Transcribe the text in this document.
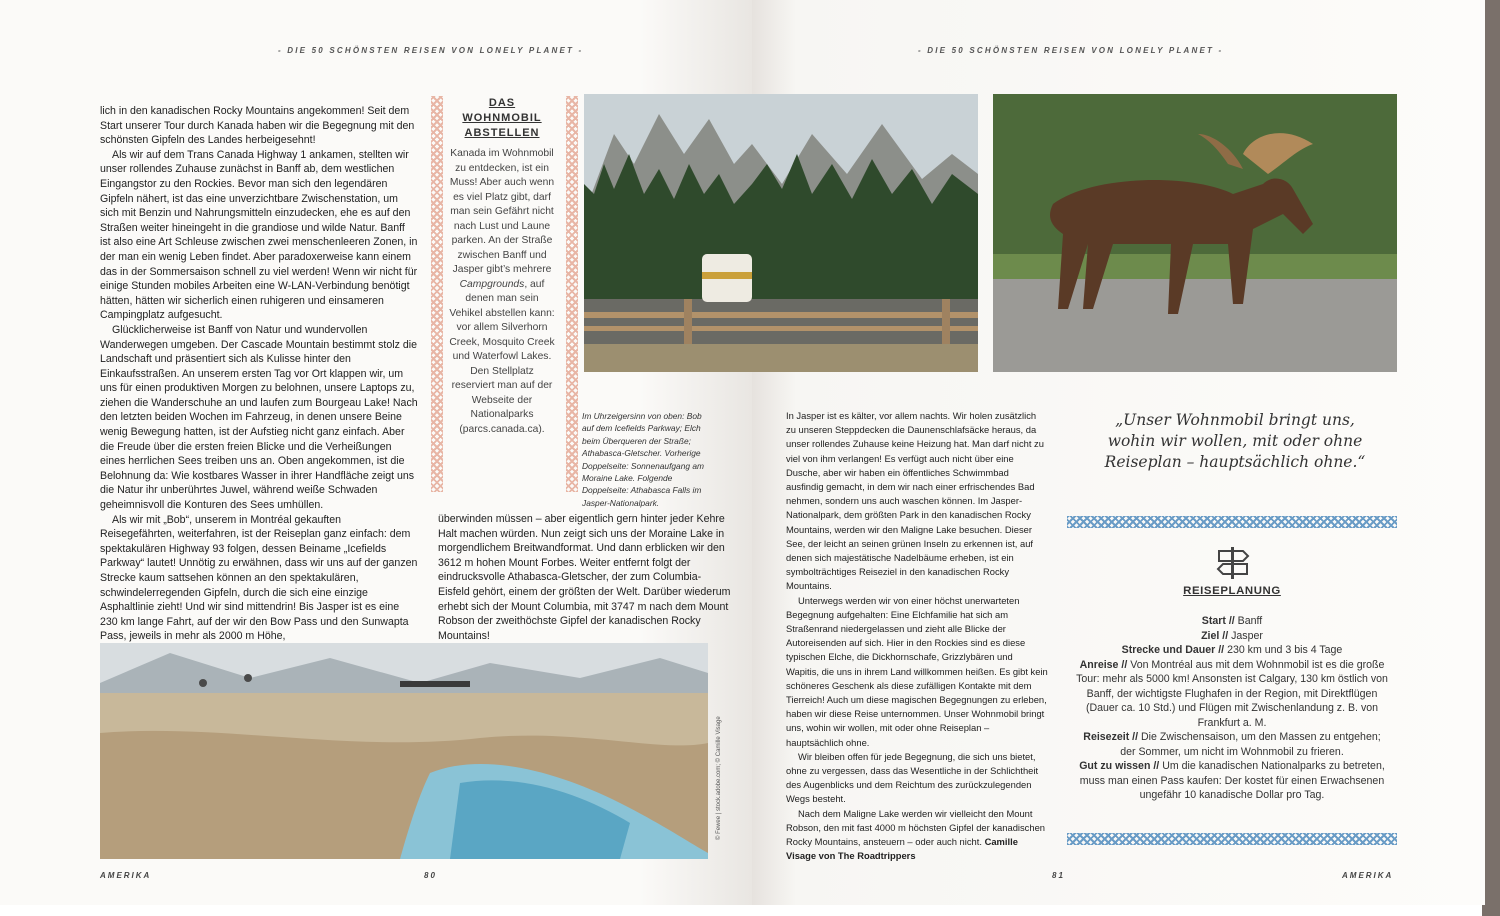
- DIE 50 SCHÖNSTEN REISEN VON LONELY PLANET -

lich in den kanadischen Rocky Mountains angekommen! Seit dem Start unserer Tour durch Kanada haben wir die Begegnung mit den schönsten Gipfeln des Landes herbeigesehnt!

Als wir auf dem Trans Canada Highway 1 ankamen, stellten wir unser rollendes Zuhause zunächst in Banff ab, dem westlichen Eingangstor zu den Rockies. Bevor man sich den legendären Gipfeln nähert, ist das eine unverzichtbare Zwischenstation, um sich mit Benzin und Nahrungsmitteln einzudecken, ehe es auf den Straßen weiter hineingeht in die grandiose und wilde Natur. Banff ist also eine Art Schleuse zwischen zwei menschenleeren Zonen, in der man ein wenig Leben findet. Aber paradoxerweise kann einem das in der Sommersaison schnell zu viel werden! Wenn wir nicht für einige Stunden mobiles Arbeiten eine W-LAN-Verbindung benötigt hätten, hätten wir sicherlich einen ruhigeren und einsameren Campingplatz aufgesucht.

Glücklicherweise ist Banff von Natur und wundervollen Wanderwegen umgeben. Der Cascade Mountain bestimmt stolz die Landschaft und präsentiert sich als Kulisse hinter den Einkaufsstraßen. An unserem ersten Tag vor Ort klappen wir, um uns für einen produktiven Morgen zu belohnen, unsere Laptops zu, ziehen die Wanderschuhe an und laufen zum Bourgeau Lake! Nach den letzten beiden Wochen im Fahrzeug, in denen unsere Beine wenig Bewegung hatten, ist der Aufstieg nicht ganz einfach. Aber die Freude über die ersten freien Blicke und die Verheißungen eines herrlichen Sees treiben uns an. Oben angekommen, ist die Belohnung da: Wie kostbares Wasser in ihrer Handfläche zeigt uns die Natur ihr unberührtes Juwel, während weiße Schwaden geheimnisvoll die Konturen des Sees umhüllen.

Als wir mit „Bob“, unserem in Montréal gekauften Reisegefährten, weiterfahren, ist der Reiseplan ganz einfach: dem spektakulären Highway 93 folgen, dessen Beiname „Icefields Parkway“ lautet! Unnötig zu erwähnen, dass wir uns auf der ganzen Strecke kaum sattsehen können an den spektakulären, schwindelerregenden Gipfeln, durch die sich eine einzige Asphaltlinie zieht! Und wir sind mittendrin! Bis Jasper ist es eine 230 km lange Fahrt, auf der wir den Bow Pass und den Sunwapta Pass, jeweils in mehr als 2000 m Höhe,

DAS WOHNMOBIL ABSTELLEN
Kanada im Wohnmobil zu entdecken, ist ein Muss! Aber auch wenn es viel Platz gibt, darf man sein Gefährt nicht nach Lust und Laune parken. An der Straße zwischen Banff und Jasper gibt’s mehrere Campgrounds, auf denen man sein Vehikel abstellen kann: vor allem Silverhorn Creek, Mosquito Creek und Waterfowl Lakes. Den Stellplatz reserviert man auf der Webseite der Nationalparks (parcs.canada.ca).
Im Uhrzeigersinn von oben: Bob auf dem Icefields Parkway; Elch beim Überqueren der Straße; Athabasca-Gletscher. Vorherige Doppelseite: Sonnenaufgang am Moraine Lake. Folgende Doppelseite: Athabasca Falls im Jasper-Nationalpark.

überwinden müssen – aber eigentlich gern hinter jeder Kehre Halt machen würden. Nun zeigt sich uns der Moraine Lake in morgendlichem Breitwandformat. Und dann erblicken wir den 3612 m hohen Mount Forbes. Weiter entfernt folgt der eindrucksvolle Athabasca-Gletscher, der zum Columbia-Eisfeld gehört, einem der größten der Welt. Darüber wiederum erhebt sich der Mount Columbia, mit 3747 m nach dem Mount Robson der zweithöchste Gipfel der kanadischen Rocky Mountains!

© Fewee | stock.adobe.com; © Camille Visage
AMERIKA	80
- DIE 50 SCHÖNSTEN REISEN VON LONELY PLANET -

In Jasper ist es kälter, vor allem nachts. Wir holen zusätzlich zu unseren Steppdecken die Daunenschlafsäcke heraus, da unser rollendes Zuhause keine Heizung hat. Man darf nicht zu viel von ihm verlangen! Es verfügt auch nicht über eine Dusche, aber wir haben ein öffentliches Schwimmbad ausfindig gemacht, in dem wir nach einer erfrischendes Bad nehmen, sondern uns auch waschen können. Im Jasper-Nationalpark, dem größten Park in den kanadischen Rocky Mountains, werden wir den Maligne Lake besuchen. Dieser See, der leicht an seinen grünen Inseln zu erkennen ist, auf denen sich majestätische Nadelbäume erheben, ist ein symbolträchtiges Reiseziel in den kanadischen Rocky Mountains.

Unterwegs werden wir von einer höchst unerwarteten Begegnung aufgehalten: Eine Elchfamilie hat sich am Straßenrand niedergelassen und zieht alle Blicke der Autoreisenden auf sich. Hier in den Rockies sind es diese typischen Elche, die Dickhornschafe, Grizzlybären und Wapitis, die uns in ihrem Land willkommen heißen. Es gibt kein schöneres Geschenk als diese zufälligen Kontakte mit dem Tierreich! Auch um diese magischen Begegnungen zu erleben, haben wir diese Reise unternommen. Unser Wohnmobil bringt uns, wohin wir wollen, mit oder ohne Reiseplan – hauptsächlich ohne.

Wir bleiben offen für jede Begegnung, die sich uns bietet, ohne zu vergessen, dass das Wesentliche in der Schlichtheit des Augenblicks und dem Reichtum des zurückzulegenden Wegs besteht.

Nach dem Maligne Lake werden wir vielleicht den Mount Robson, den mit fast 4000 m höchsten Gipfel der kanadischen Rocky Mountains, ansteuern – oder auch nicht. Camille Visage von The Roadtrippers

81	AMERIKA
„Unser Wohnmobil bringt uns, wohin wir wollen, mit oder ohne Reiseplan – hauptsächlich ohne.“
REISEPLANUNG
Start // Banff
Ziel // Jasper
Strecke und Dauer // 230 km und 3 bis 4 Tage
Anreise // Von Montréal aus mit dem Wohnmobil ist es die große Tour: mehr als 5000 km! Ansonsten ist Calgary, 130 km östlich von Banff, der wichtigste Flughafen in der Region, mit Direktflügen (Dauer ca. 10 Std.) und Flügen mit Zwischenlandung z. B. von Frankfurt a. M.
Reisezeit // Die Zwischensaison, um den Massen zu entgehen; der Sommer, um nicht im Wohnmobil zu frieren.
Gut zu wissen // Um die kanadischen Nationalparks zu betreten, muss man einen Pass kaufen: Der kostet für einen Erwachsenen ungefähr 10 kanadische Dollar pro Tag.
